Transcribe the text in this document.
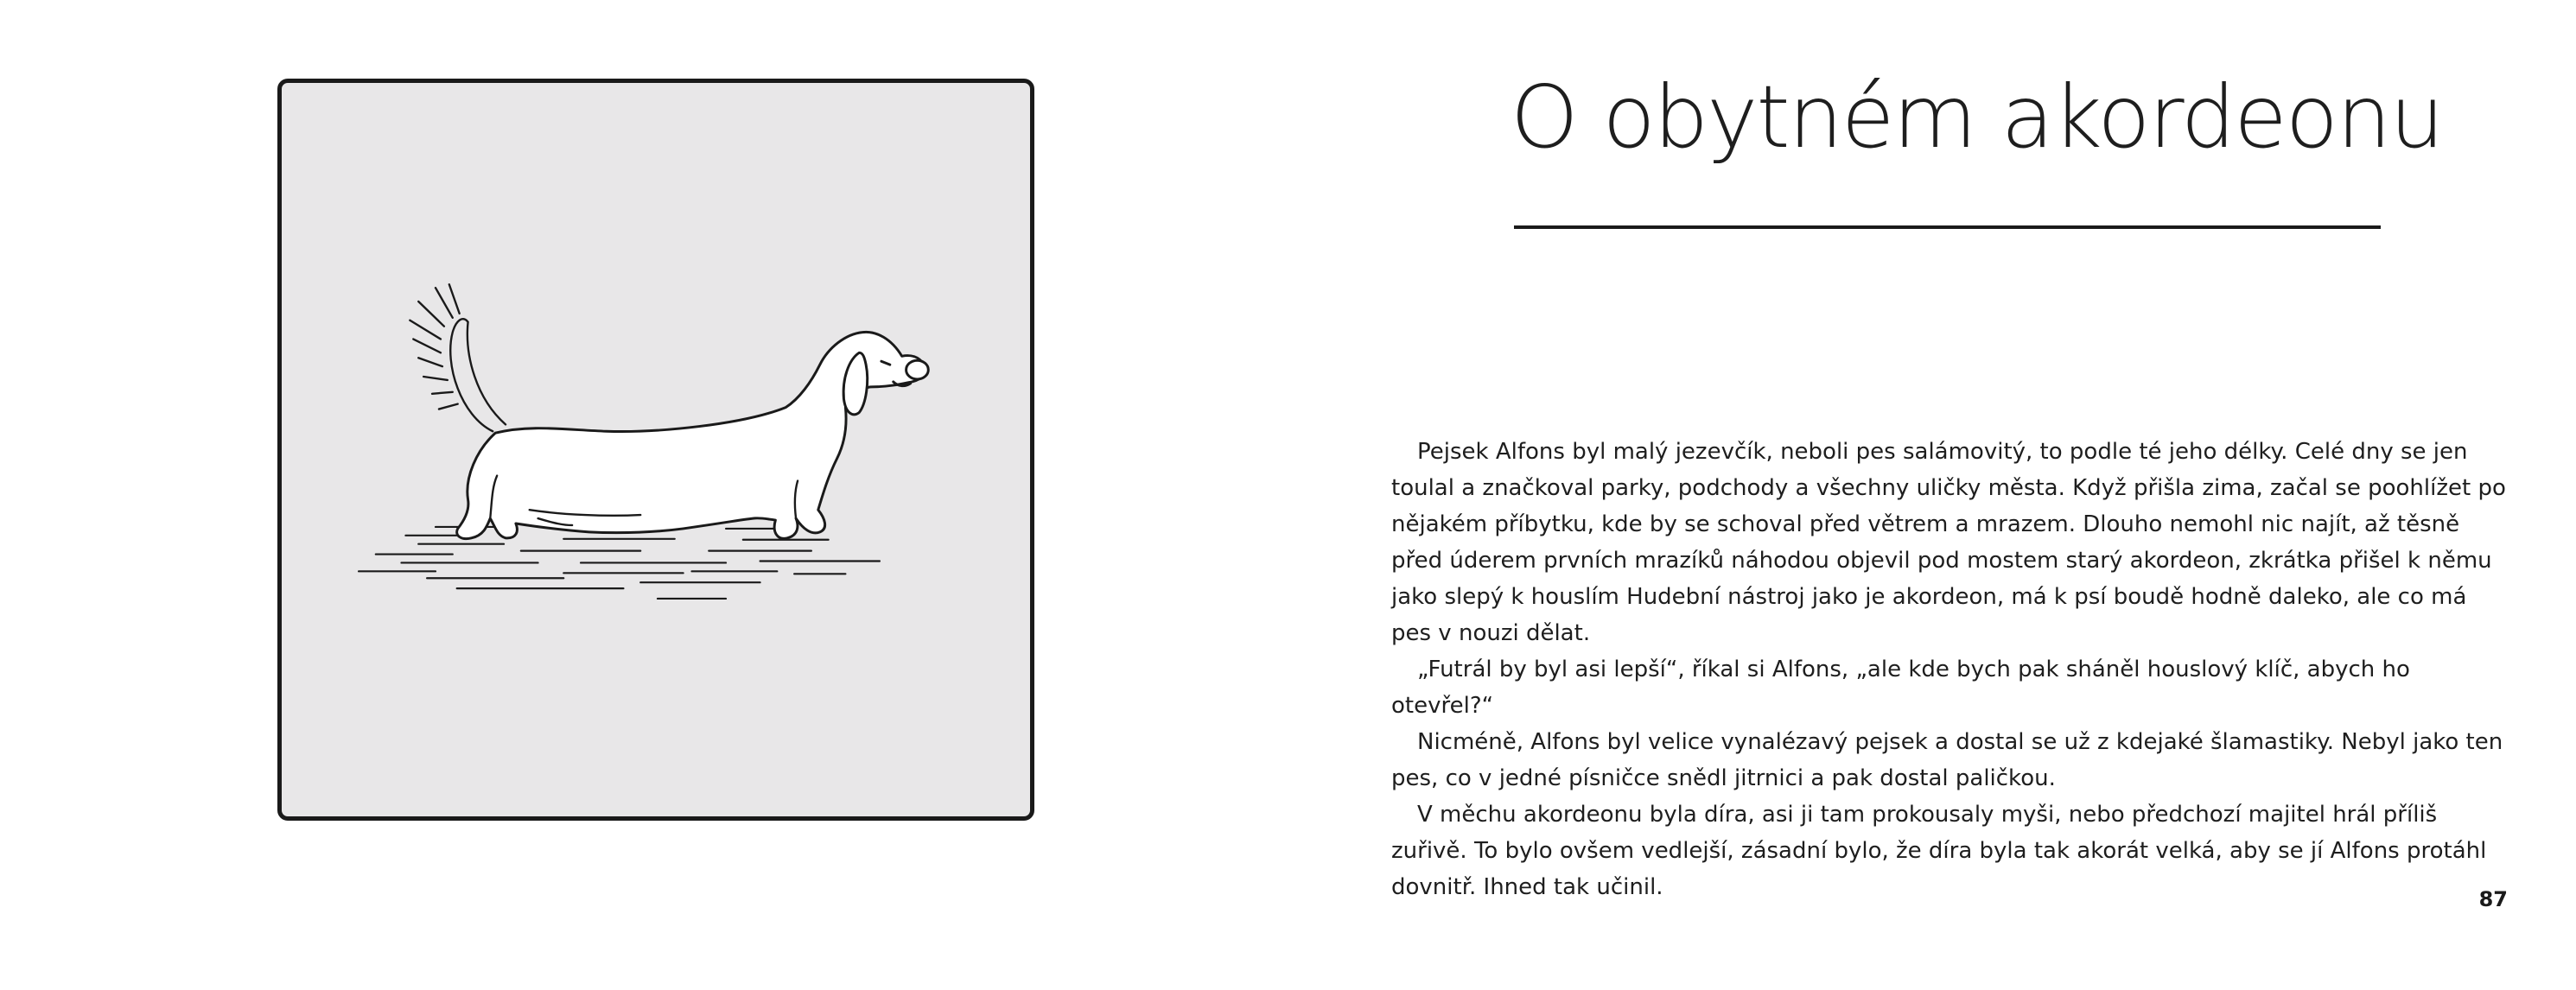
O obytném akordeonu

Pejsek Alfons byl malý jezevčík, neboli pes salámovitý, to podle té jeho délky. Celé dny se jen toulal a značkoval parky, podchody a všechny uličky města. Když přišla zima, začal se poohlížet po nějakém příbytku, kde by se schoval před větrem a mrazem. Dlouho nemohl nic najít, až těsně před úderem prvních mrazíků náhodou objevil pod mostem starý akordeon, zkrátka přišel k němu jako slepý k houslím Hudební nástroj jako je akordeon, má k psí boudě hodně daleko, ale co má pes v nouzi dělat.

„Futrál by byl asi lepší“, říkal si Alfons, „ale kde bych pak sháněl houslový klíč, abych ho otevřel?“

Nicméně, Alfons byl velice vynalézavý pejsek a dostal se už z kdejaké šlamastiky. Nebyl jako ten pes, co v jedné písničce snědl jitrnici a pak dostal paličkou.

V měchu akordeonu byla díra, asi ji tam prokousaly myši, nebo předchozí majitel hrál příliš zuřivě. To bylo ovšem vedlejší, zásadní bylo, že díra byla tak akorát velká, aby se jí Alfons protáhl dovnitř. Ihned tak učinil.	87
